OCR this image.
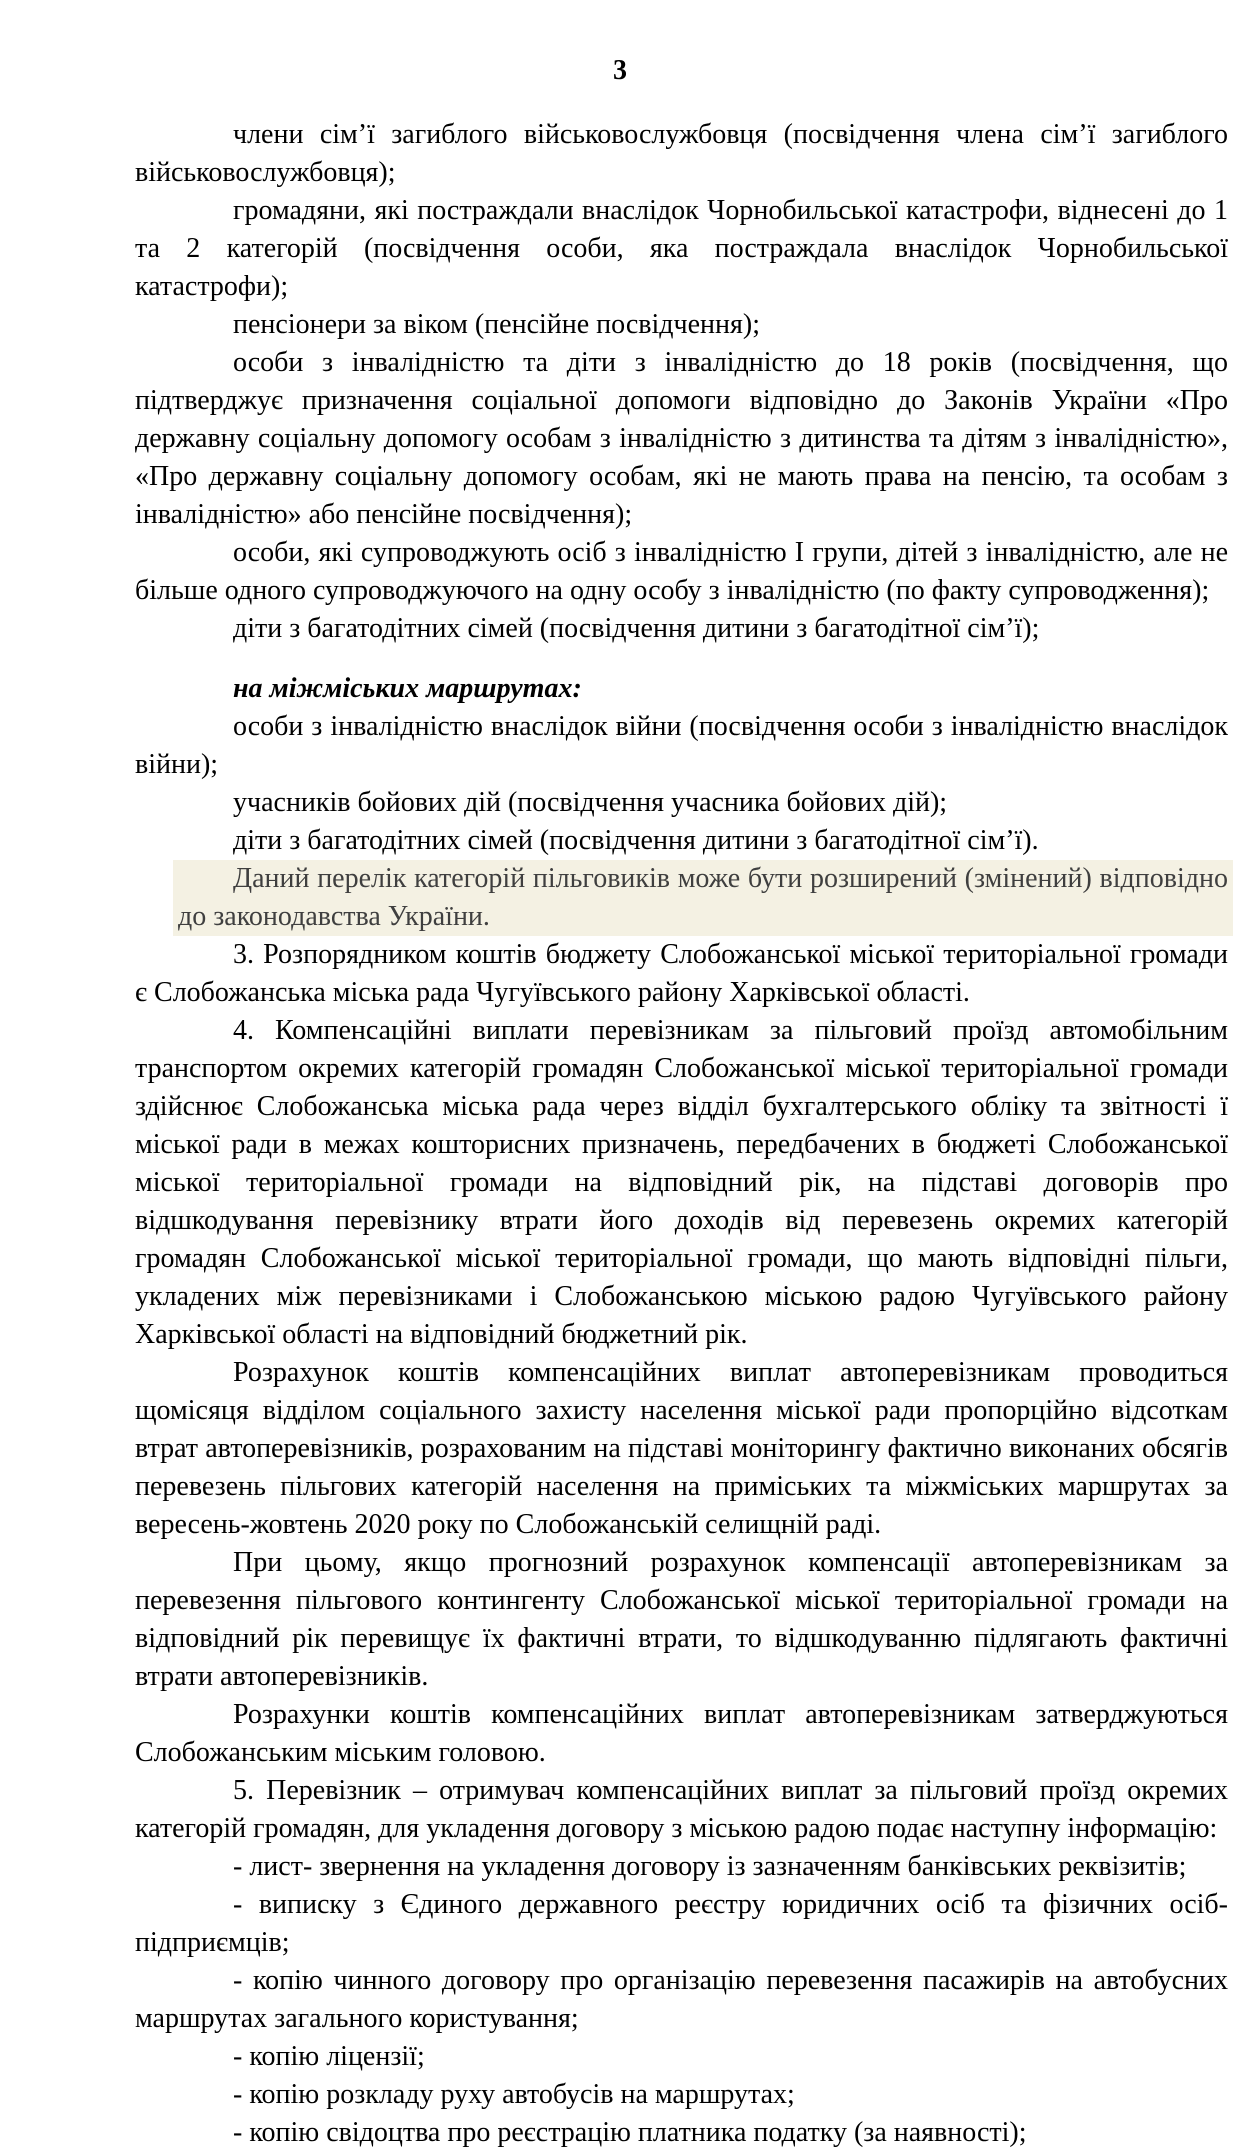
3

члени сім’ї загиблого військовослужбовця (посвідчення члена сім’ї загиблого військовослужбовця);

громадяни, які постраждали внаслідок Чорнобильської катастрофи, віднесені до 1 та 2 категорій (посвідчення особи, яка постраждала внаслідок Чорнобильської катастрофи);

пенсіонери за віком (пенсійне посвідчення);

особи з інвалідністю та діти з інвалідністю до 18 років (посвідчення, що підтверджує призначення соціальної допомоги відповідно до Законів України «Про державну соціальну допомогу особам з інвалідністю з дитинства та дітям з інвалідністю», «Про державну соціальну допомогу особам, які не мають права на пенсію, та особам з інвалідністю» або пенсійне посвідчення);

особи, які супроводжують осіб з інвалідністю I групи, дітей з інвалідністю, але не більше одного супроводжуючого на одну особу з інвалідністю (по факту супроводження);

діти з багатодітних сімей (посвідчення дитини з багатодітної сім’ї);

на міжміських маршрутах:

особи з інвалідністю внаслідок війни (посвідчення особи з інвалідністю внаслідок війни);

учасників бойових дій (посвідчення учасника бойових дій);

діти з багатодітних сімей (посвідчення дитини з багатодітної сім’ї).

Даний перелік категорій пільговиків може бути розширений (змінений) відповідно до законодавства України.

3. Розпорядником коштів бюджету Слобожанської міської територіальної громади є Слобожанська міська рада Чугуївського району Харківської області.

4. Компенсаційні виплати перевізникам за пільговий проїзд автомобільним транспортом окремих категорій громадян Слобожанської міської територіальної громади здійснює Слобожанська міська рада через відділ бухгалтерського обліку та звітності ї міської ради в межах кошторисних призначень, передбачених в бюджеті Слобожанської міської територіальної громади на відповідний рік, на підставі договорів про відшкодування перевізнику втрати його доходів від перевезень окремих категорій громадян Слобожанської міської територіальної громади, що мають відповідні пільги, укладених між перевізниками і Слобожанською міською радою Чугуївського району Харківської області на відповідний бюджетний рік.

Розрахунок коштів компенсаційних виплат автоперевізникам проводиться щомісяця відділом соціального захисту населення міської ради пропорційно відсоткам втрат автоперевізників, розрахованим на підставі моніторингу фактично виконаних обсягів перевезень пільгових категорій населення на приміських та міжміських маршрутах за вересень-жовтень 2020 року по Слобожанській селищній раді.

При цьому, якщо прогнозний розрахунок компенсації автоперевізникам за перевезення пільгового контингенту Слобожанської міської територіальної громади на відповідний рік перевищує їх фактичні втрати, то відшкодуванню підлягають фактичні втрати автоперевізників.

Розрахунки коштів компенсаційних виплат автоперевізникам затверджуються Слобожанським міським головою.

5. Перевізник – отримувач компенсаційних виплат за пільговий проїзд окремих категорій громадян, для укладення договору з міською радою подає наступну інформацію:

- лист- звернення на укладення договору із зазначенням банківських реквізитів;

- виписку з Єдиного державного реєстру юридичних осіб та фізичних осіб-підприємців;

- копію чинного договору про організацію перевезення пасажирів на автобусних маршрутах загального користування;

- копію ліцензії;

- копію розкладу руху автобусів на маршрутах;

- копію свідоцтва про реєстрацію платника податку (за наявності);
